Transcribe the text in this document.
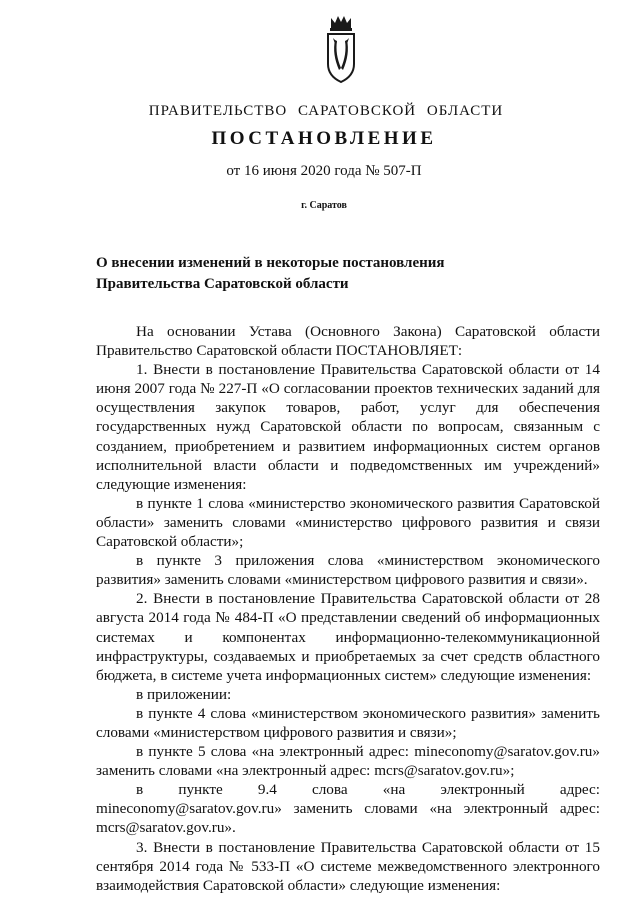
ПРАВИТЕЛЬСТВО САРАТОВСКОЙ ОБЛАСТИ
ПОСТАНОВЛЕНИЕ
от 16 июня 2020 года № 507-П
г. Саратов
О внесении изменений в некоторые постановления
Правительства Саратовской области

На основании Устава (Основного Закона) Саратовской области Правительство Саратовской области ПОСТАНОВЛЯЕТ:

1. Внести в постановление Правительства Саратовской области от 14 июня 2007 года № 227-П «О согласовании проектов технических заданий для осуществления закупок товаров, работ, услуг для обеспечения государственных нужд Саратовской области по вопросам, связанным с созданием, приобретением и развитием информационных систем органов исполнительной власти области и подведомственных им учреждений» следующие изменения:

в пункте 1 слова «министерство экономического развития Саратовской области» заменить словами «министерство цифрового развития и связи Саратовской области»;

в пункте 3 приложения слова «министерством экономического развития» заменить словами «министерством цифрового развития и связи».

2. Внести в постановление Правительства Саратовской области от 28 августа 2014 года № 484-П «О представлении сведений об информационных системах и компонентах информационно-телекоммуникационной инфраструктуры, создаваемых и приобретаемых за счет средств областного бюджета, в системе учета информационных систем» следующие изменения:

в приложении:

в пункте 4 слова «министерством экономического развития» заменить словами «министерством цифрового развития и связи»;

в пункте 5 слова «на электронный адрес: mineconomy@saratov.gov.ru» заменить словами «на электронный адрес: mcrs@saratov.gov.ru»;

в пункте 9.4 слова «на электронный адрес: mineconomy@saratov.gov.ru» заменить словами «на электронный адрес: mcrs@saratov.gov.ru».

3. Внести в постановление Правительства Саратовской области от 15 сентября 2014 года № 533-П «О системе межведомственного электронного взаимодействия Саратовской области» следующие изменения:
